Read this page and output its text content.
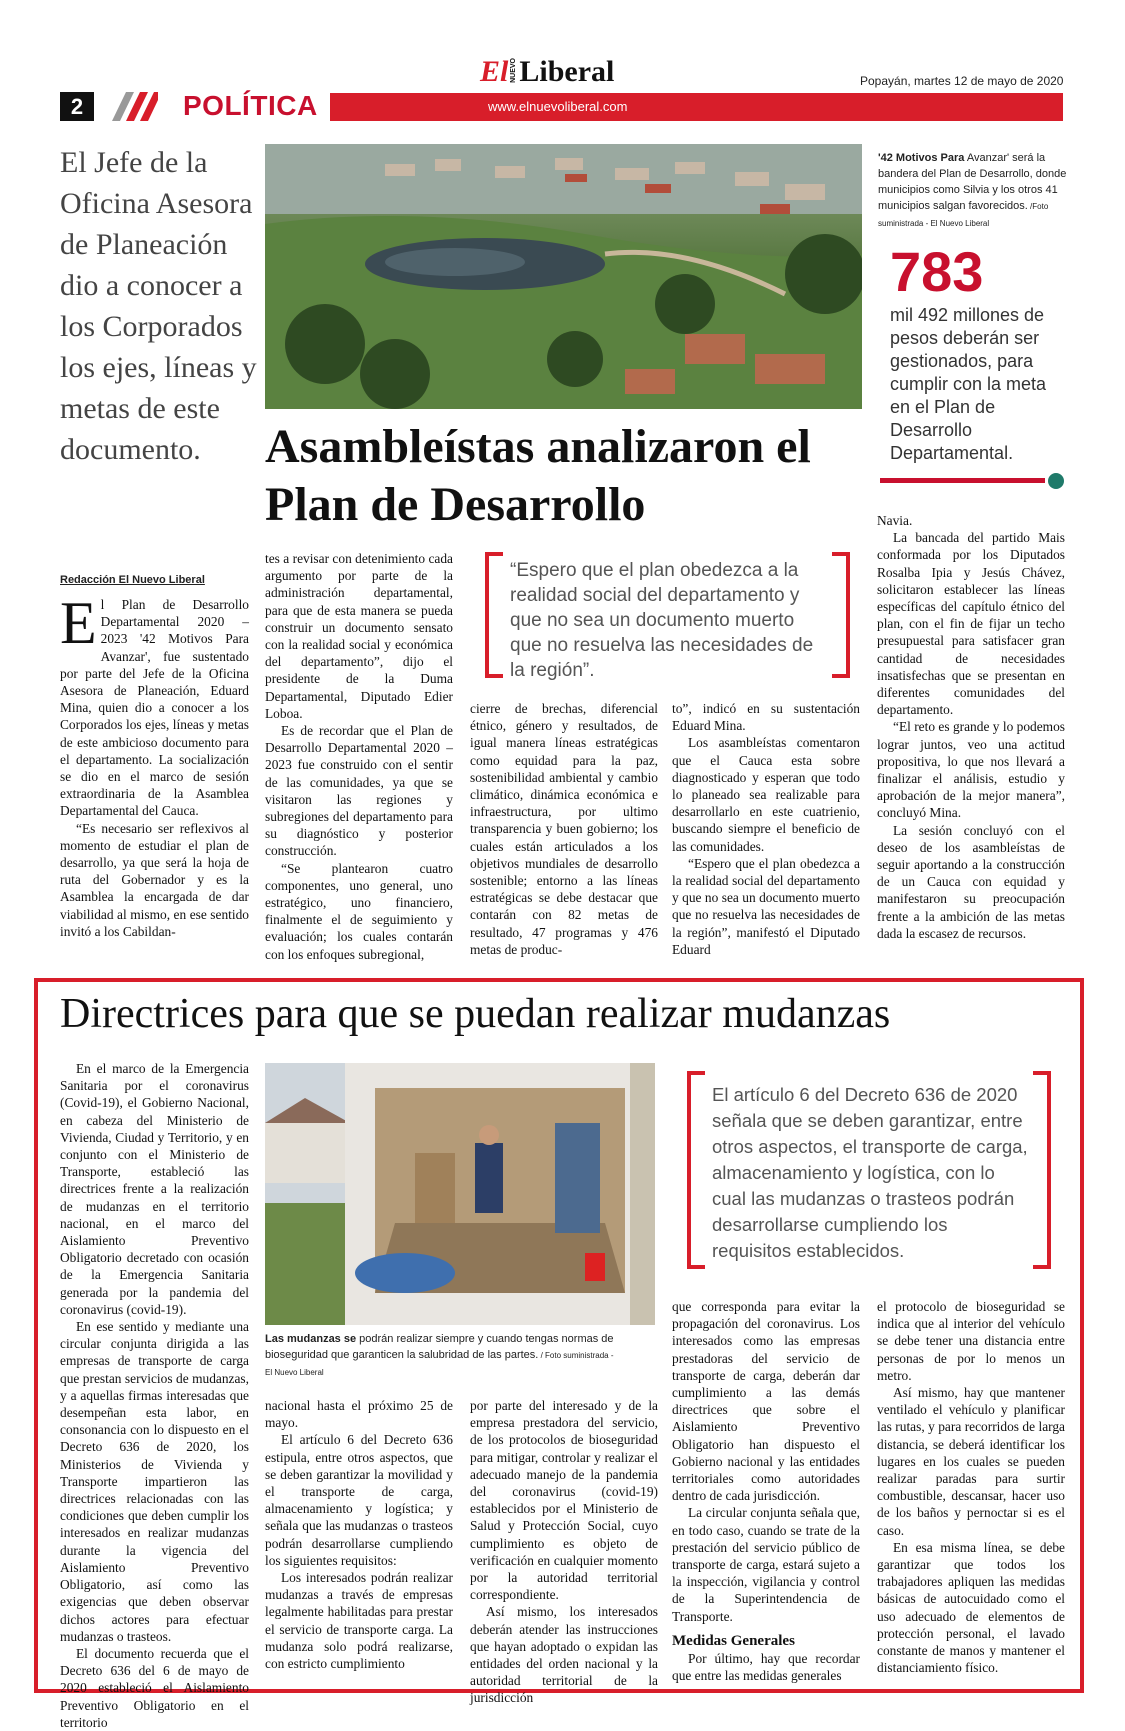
2	POLÍTICA
El NUEVO Liberal
www.elnuevoliberal.com
Popayán, martes 12 de mayo de 2020
El Jefe de la Oficina Asesora de Planeación dio a conocer a los Corporados los ejes, líneas y metas de este documento.	Asambleístas analizaron el Plan de Desarrollo
'42 Motivos Para Avanzar' será la bandera del Plan de Desarrollo, donde municipios como Silvia y los otros 41 municipios salgan favorecidos. /Foto suministrada - El Nuevo Liberal
783
mil 492 millones de pesos deberán ser gestionados, para cumplir con la meta en el Plan de Desarrollo Departamental.
Redacción El Nuevo Liberal
E l Plan de Desarrollo Departamental 2020 – 2023 '42 Motivos Para Avanzar', fue sustentado por parte del Jefe de la Oficina Asesora de Planeación, Eduard Mina, quien dio a conocer a los Corporados los ejes, líneas y metas de este ambicioso documento para el departamento. La socialización se dio en el marco de sesión extraordinaria de la Asamblea Departamental del Cauca.

“Es necesario ser reflexivos al momento de estudiar el plan de desarrollo, ya que será la hoja de ruta del Gobernador y es la Asamblea la encargada de dar viabilidad al mismo, en ese sentido invitó a los Cabildan-

tes a revisar con detenimiento cada argumento por parte de la administración departamental, para que de esta manera se pueda construir un documento sensato con la realidad social y económica del departamento”, dijo el presidente de la Duma Departamental, Diputado Edier Loboa.

Es de recordar que el Plan de Desarrollo Departamental 2020 – 2023 fue construido con el sentir de las comunidades, ya que se visitaron las regiones y subregiones del departamento para su diagnóstico y posterior construcción.

“Se plantearon cuatro componentes, uno general, uno estratégico, uno financiero, finalmente el de seguimiento y evaluación; los cuales contarán con los enfoques subregional,

“Espero que el plan obedezca a la realidad social del departamento y que no sea un documento muerto que no resuelva las necesidades de la región”.

cierre de brechas, diferencial étnico, género y resultados, de igual manera líneas estratégicas como equidad para la paz, sostenibilidad ambiental y cambio climático, dinámica económica e infraestructura, por ultimo transparencia y buen gobierno; los cuales están articulados a los objetivos mundiales de desarrollo sostenible; entorno a las líneas estratégicas se debe destacar que contarán con 82 metas de resultado, 47 programas y 476 metas de produc-

to”, indicó en su sustentación Eduard Mina.

Los asambleístas comentaron que el Cauca esta sobre diagnosticado y esperan que todo lo planeado sea realizable para desarrollarlo en este cuatrienio, buscando siempre el beneficio de las comunidades.

“Espero que el plan obedezca a la realidad social del departamento y que no sea un documento muerto que no resuelva las necesidades de la región”, manifestó el Diputado Eduard

Navia.

La bancada del partido Mais conformada por los Diputados Rosalba Ipia y Jesús Chávez, solicitaron establecer las líneas específicas del capítulo étnico del plan, con el fin de fijar un techo presupuestal para satisfacer gran cantidad de necesidades insatisfechas que se presentan en diferentes comunidades del departamento.

“El reto es grande y lo podemos lograr juntos, veo una actitud propositiva, lo que nos llevará a finalizar el análisis, estudio y aprobación de la mejor manera”, concluyó Mina.

La sesión concluyó con el deseo de los asambleístas de seguir aportando a la construcción de un Cauca con equidad y manifestaron su preocupación frente a la ambición de las metas dada la escasez de recursos.

Directrices para que se puedan realizar mudanzas
Las mudanzas se podrán realizar siempre y cuando tengas normas de bioseguridad que garanticen la salubridad de las partes. / Foto suministrada - El Nuevo Liberal
El artículo 6 del Decreto 636 de 2020 señala que se deben garantizar, entre otros aspectos, el transporte de carga, almacenamiento y logística, con lo cual las mudanzas o trasteos podrán desarrollarse cumpliendo los requisitos establecidos.

En el marco de la Emergencia Sanitaria por el coronavirus (Covid-19), el Gobierno Nacional, en cabeza del Ministerio de Vivienda, Ciudad y Territorio, y en conjunto con el Ministerio de Transporte, estableció las directrices frente a la realización de mudanzas en el territorio nacional, en el marco del Aislamiento Preventivo Obligatorio decretado con ocasión de la Emergencia Sanitaria generada por la pandemia del coronavirus (covid-19).

En ese sentido y mediante una circular conjunta dirigida a las empresas de transporte de carga que prestan servicios de mudanzas, y a aquellas firmas interesadas que desempeñan esta labor, en consonancia con lo dispuesto en el Decreto 636 de 2020, los Ministerios de Vivienda y Transporte impartieron las directrices relacionadas con las condiciones que deben cumplir los interesados en realizar mudanzas durante la vigencia del Aislamiento Preventivo Obligatorio, así como las exigencias que deben observar dichos actores para efectuar mudanzas o trasteos.

El documento recuerda que el Decreto 636 del 6 de mayo de 2020 estableció el Aislamiento Preventivo Obligatorio en el territorio

nacional hasta el próximo 25 de mayo.

El artículo 6 del Decreto 636 estipula, entre otros aspectos, que se deben garantizar la movilidad y el transporte de carga, almacenamiento y logística; y señala que las mudanzas o trasteos podrán desarrollarse cumpliendo los siguientes requisitos:

Los interesados podrán realizar mudanzas a través de empresas legalmente habilitadas para prestar el servicio de transporte carga. La mudanza solo podrá realizarse, con estricto cumplimiento

por parte del interesado y de la empresa prestadora del servicio, de los protocolos de bioseguridad para mitigar, controlar y realizar el adecuado manejo de la pandemia del coronavirus (covid-19) establecidos por el Ministerio de Salud y Protección Social, cuyo cumplimiento es objeto de verificación en cualquier momento por la autoridad territorial correspondiente.

Así mismo, los interesados deberán atender las instrucciones que hayan adoptado o expidan las entidades del orden nacional y la autoridad territorial de la jurisdicción

que corresponda para evitar la propagación del coronavirus. Los interesados como las empresas prestadoras del servicio de transporte de carga, deberán dar cumplimiento a las demás directrices que sobre el Aislamiento Preventivo Obligatorio han dispuesto el Gobierno nacional y las entidades territoriales como autoridades dentro de cada jurisdicción.

La circular conjunta señala que, en todo caso, cuando se trate de la prestación del servicio público de transporte de carga, estará sujeto a la inspección, vigilancia y control de la Superintendencia de Transporte.

Medidas Generales

Por último, hay que recordar que entre las medidas generales

el protocolo de bioseguridad se indica que al interior del vehículo se debe tener una distancia entre personas de por lo menos un metro.

Así mismo, hay que mantener ventilado el vehículo y planificar las rutas, y para recorridos de larga distancia, se deberá identificar los lugares en los cuales se pueden realizar paradas para surtir combustible, descansar, hacer uso de los baños y pernoctar si es el caso.

En esa misma línea, se debe garantizar que todos los trabajadores apliquen las medidas básicas de autocuidado como el uso adecuado de elementos de protección personal, el lavado constante de manos y mantener el distanciamiento físico.
